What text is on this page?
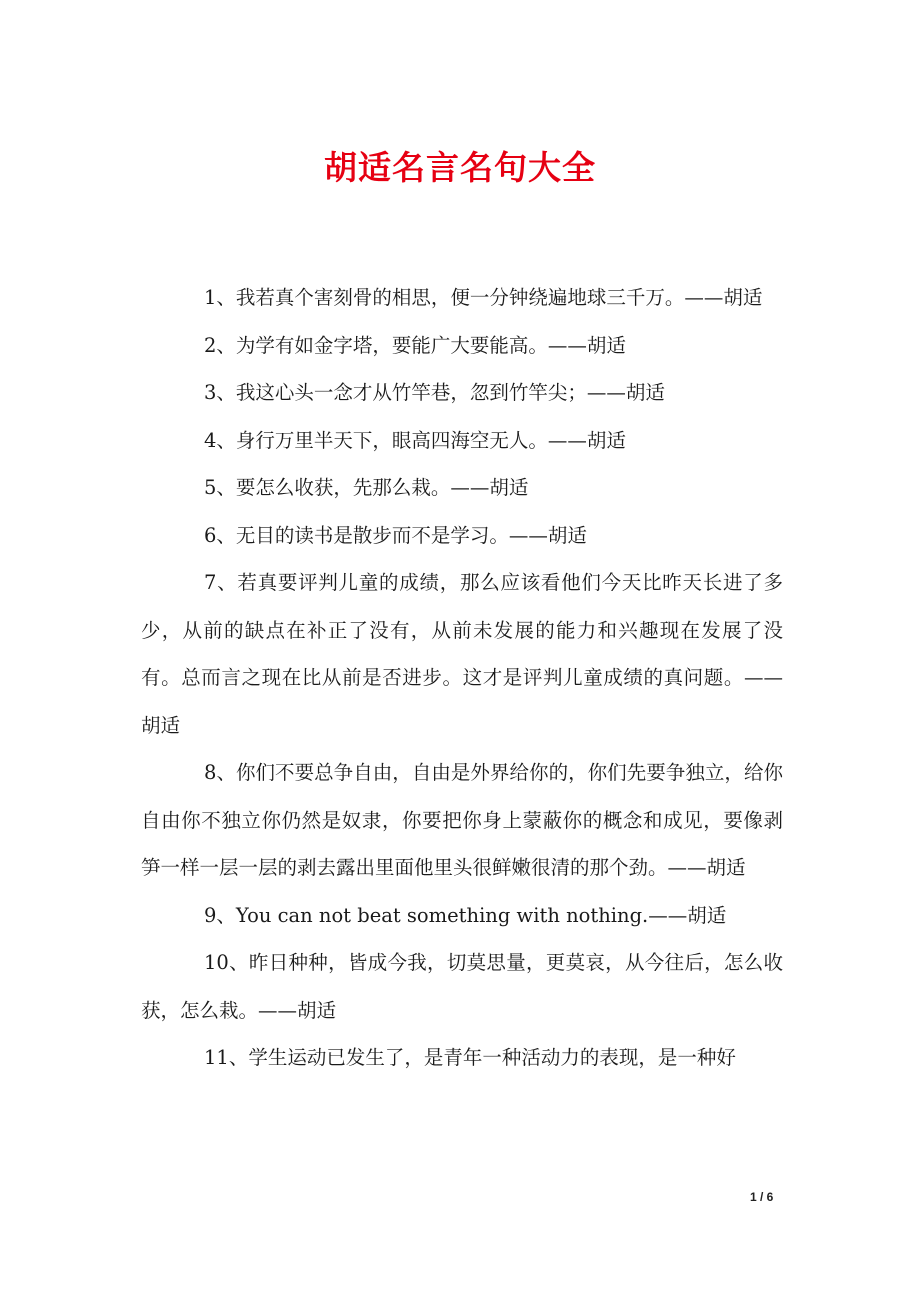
胡适名言名句大全

1、我若真个害刻骨的相思，便一分钟绕遍地球三千万。——胡适

2、为学有如金字塔，要能广大要能高。——胡适

3、我这心头一念才从竹竿巷，忽到竹竿尖；——胡适

4、身行万里半天下，眼高四海空无人。——胡适

5、要怎么收获，先那么栽。——胡适

6、无目的读书是散步而不是学习。——胡适

7、若真要评判儿童的成绩，那么应该看他们今天比昨天长进了多少，从前的缺点在补正了没有，从前未发展的能力和兴趣现在发展了没有。总而言之现在比从前是否进步。这才是评判儿童成绩的真问题。——胡适

8、你们不要总争自由，自由是外界给你的，你们先要争独立，给你自由你不独立你仍然是奴隶，你要把你身上蒙蔽你的概念和成见，要像剥笋一样一层一层的剥去露出里面他里头很鲜嫩很清的那个劲。——胡适

9、You can not beat something with nothing.——胡适

10、昨日种种，皆成今我，切莫思量，更莫哀，从今往后，怎么收获，怎么栽。——胡适

11、学生运动已发生了，是青年一种活动力的表现，是一种好

1 / 6
